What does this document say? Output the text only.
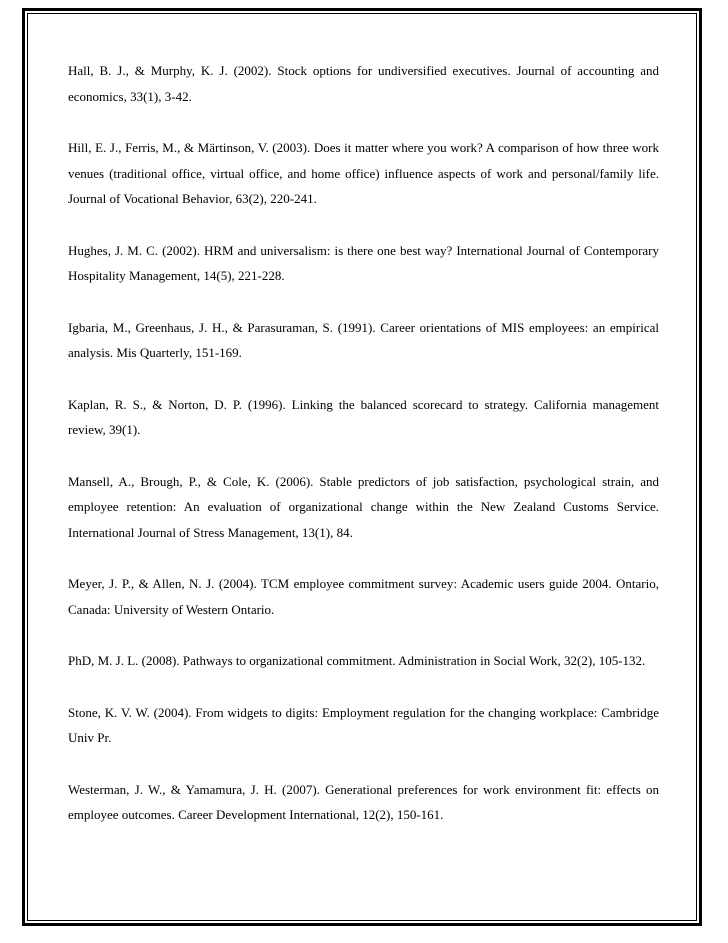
Hall, B. J., & Murphy, K. J. (2002). Stock options for undiversified executives. Journal of accounting and economics, 33(1), 3-42.
Hill, E. J., Ferris, M., & Märtinson, V. (2003). Does it matter where you work? A comparison of how three work venues (traditional office, virtual office, and home office) influence aspects of work and personal/family life. Journal of Vocational Behavior, 63(2), 220-241.
Hughes, J. M. C. (2002). HRM and universalism: is there one best way? International Journal of Contemporary Hospitality Management, 14(5), 221-228.
Igbaria, M., Greenhaus, J. H., & Parasuraman, S. (1991). Career orientations of MIS employees: an empirical analysis. Mis Quarterly, 151-169.
Kaplan, R. S., & Norton, D. P. (1996). Linking the balanced scorecard to strategy. California management review, 39(1).
Mansell, A., Brough, P., & Cole, K. (2006). Stable predictors of job satisfaction, psychological strain, and employee retention: An evaluation of organizational change within the New Zealand Customs Service. International Journal of Stress Management, 13(1), 84.
Meyer, J. P., & Allen, N. J. (2004). TCM employee commitment survey: Academic users guide 2004. Ontario, Canada: University of Western Ontario.
PhD, M. J. L. (2008). Pathways to organizational commitment. Administration in Social Work, 32(2), 105-132.
Stone, K. V. W. (2004). From widgets to digits: Employment regulation for the changing workplace: Cambridge Univ Pr.
Westerman, J. W., & Yamamura, J. H. (2007). Generational preferences for work environment fit: effects on employee outcomes. Career Development International, 12(2), 150-161.
